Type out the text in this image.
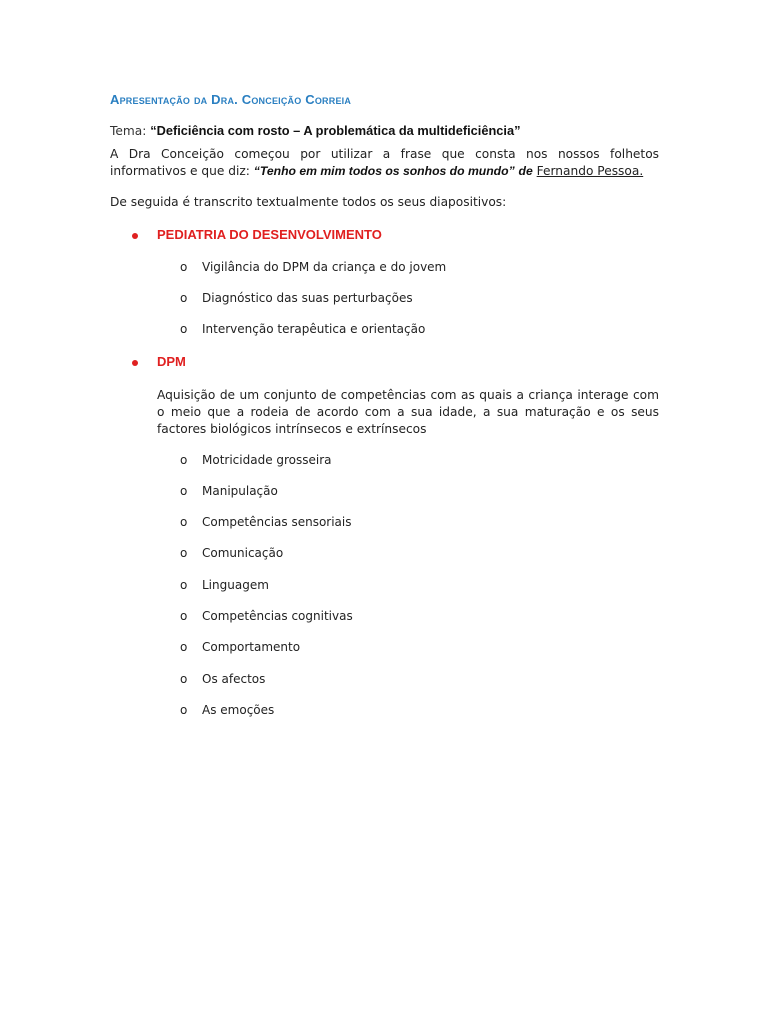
Apresentação da Dra. Conceição Correia

Tema: “Deficiência com rosto – A problemática da multideficiência”

A Dra Conceição começou por utilizar a frase que consta nos nossos folhetos informativos e que diz: “Tenho em mim todos os sonhos do mundo” de Fernando Pessoa.

De seguida é transcrito textualmente todos os seus diapositivos:

PEDIATRIA DO DESENVOLVIMENTO
o Vigilância do DPM da criança e do jovem
o Diagnóstico das suas perturbações
o Intervenção terapêutica e orientação
DPM

Aquisição de um conjunto de competências com as quais a criança interage com o meio que a rodeia de acordo com a sua idade, a sua maturação e os seus factores biológicos intrínsecos e extrínsecos

o Motricidade grosseira
o Manipulação
o Competências sensoriais
o Comunicação
o Linguagem
o Competências cognitivas
o Comportamento
o Os afectos
o As emoções
